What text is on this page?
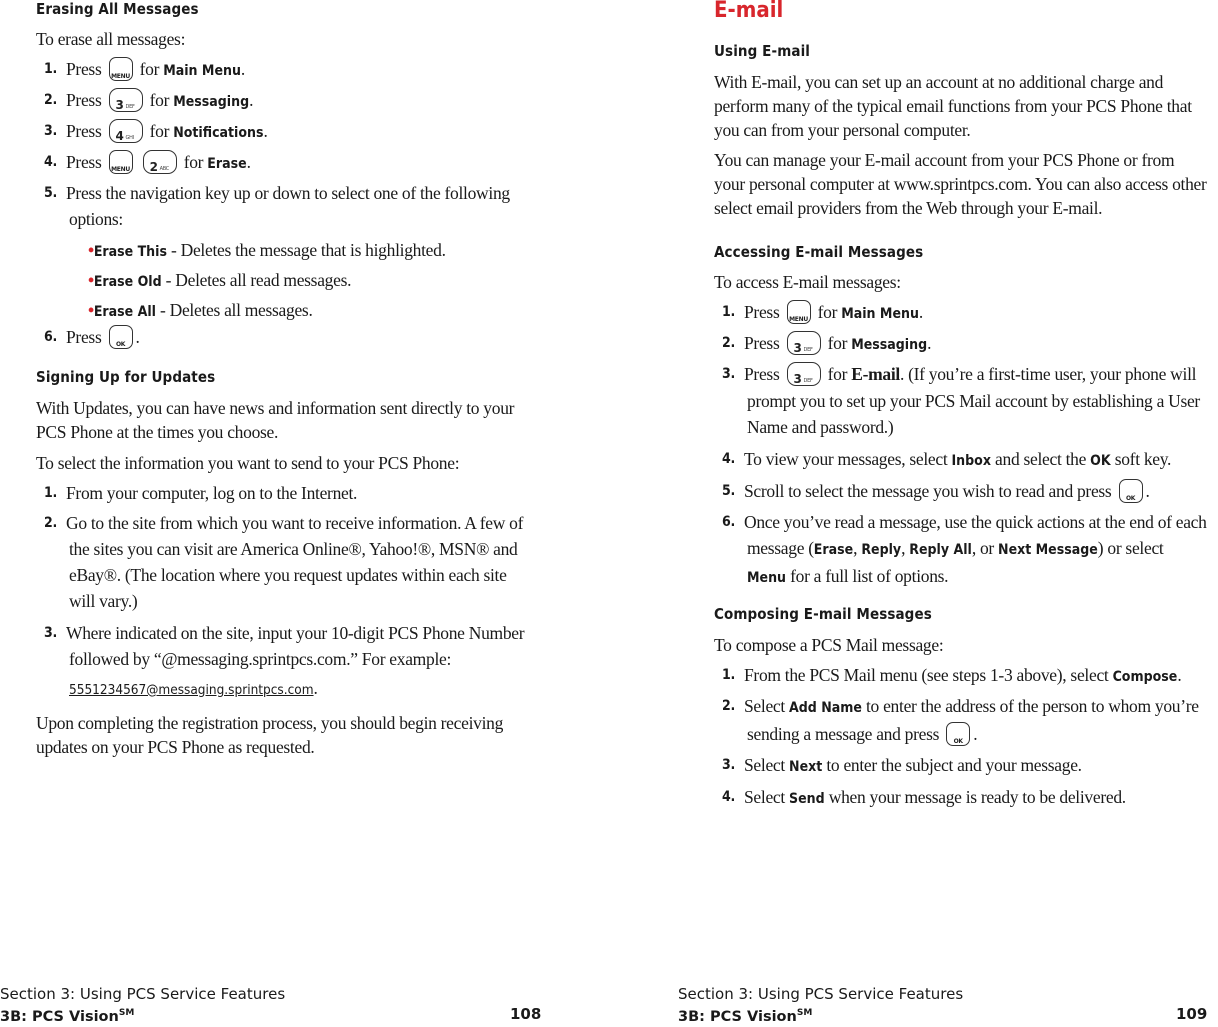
Erasing All Messages

To erase all messages:

1. Press MENU for Main Menu.
2. Press 3 DEF for Messaging.
3. Press 4 GHI for Notifications.
4. Press MENU
2 ABC for Erase.
5. Press the navigation key up or down to select one of the following
options:
•Erase This - Deletes the message that is highlighted.
•Erase Old - Deletes all read messages.
•Erase All - Deletes all messages.
6. Press	OK .
Signing Up for Updates

With Updates, you can have news and information sent directly to your

PCS Phone at the times you choose.

To select the information you want to send to your PCS Phone:

1. From your computer, log on to the Internet.
2. Go to the site from which you want to receive information. A few of
the sites you can visit are America Online®, Yahoo!®, MSN® and
eBay®. (The location where you request updates within each site
will vary.)
3. Where indicated on the site, input your 10-digit PCS Phone Number
followed by “@messaging.sprintpcs.com.” For example:
5551234567@messaging.sprintpcs.com.

Upon completing the registration process, you should begin receiving

updates on your PCS Phone as requested.

Section 3: Using PCS Service Features
3B: PCS Vision℠	108
E-mail
Using E-mail

With E-mail, you can set up an account at no additional charge and

perform many of the typical email functions from your PCS Phone that

you can from your personal computer.

You can manage your E-mail account from your PCS Phone or from

your personal computer at www.sprintpcs.com. You can also access other

select email providers from the Web through your E-mail.

Accessing E-mail Messages

To access E-mail messages:

1. Press MENU for Main Menu.
2. Press 3 DEF for Messaging.
3. Press 3 DEF for E-mail. (If you’re a first-time user, your phone will
prompt you to set up your PCS Mail account by establishing a User
Name and password.)
4. To view your messages, select Inbox and select the OK soft key.
5. Scroll to select the message you wish to read and press	OK .
6. Once you’ve read a message, use the quick actions at the end of each
message (Erase, Reply, Reply All, or Next Message) or select
Menu for a full list of options.
Composing E-mail Messages

To compose a PCS Mail message:

1. From the PCS Mail menu (see steps 1-3 above), select Compose.
2. Select Add Name to enter the address of the person to whom you’re
sending a message and press	OK .
3. Select Next to enter the subject and your message.
4. Select Send when your message is ready to be delivered.
Section 3: Using PCS Service Features
3B: PCS Vision℠	109
